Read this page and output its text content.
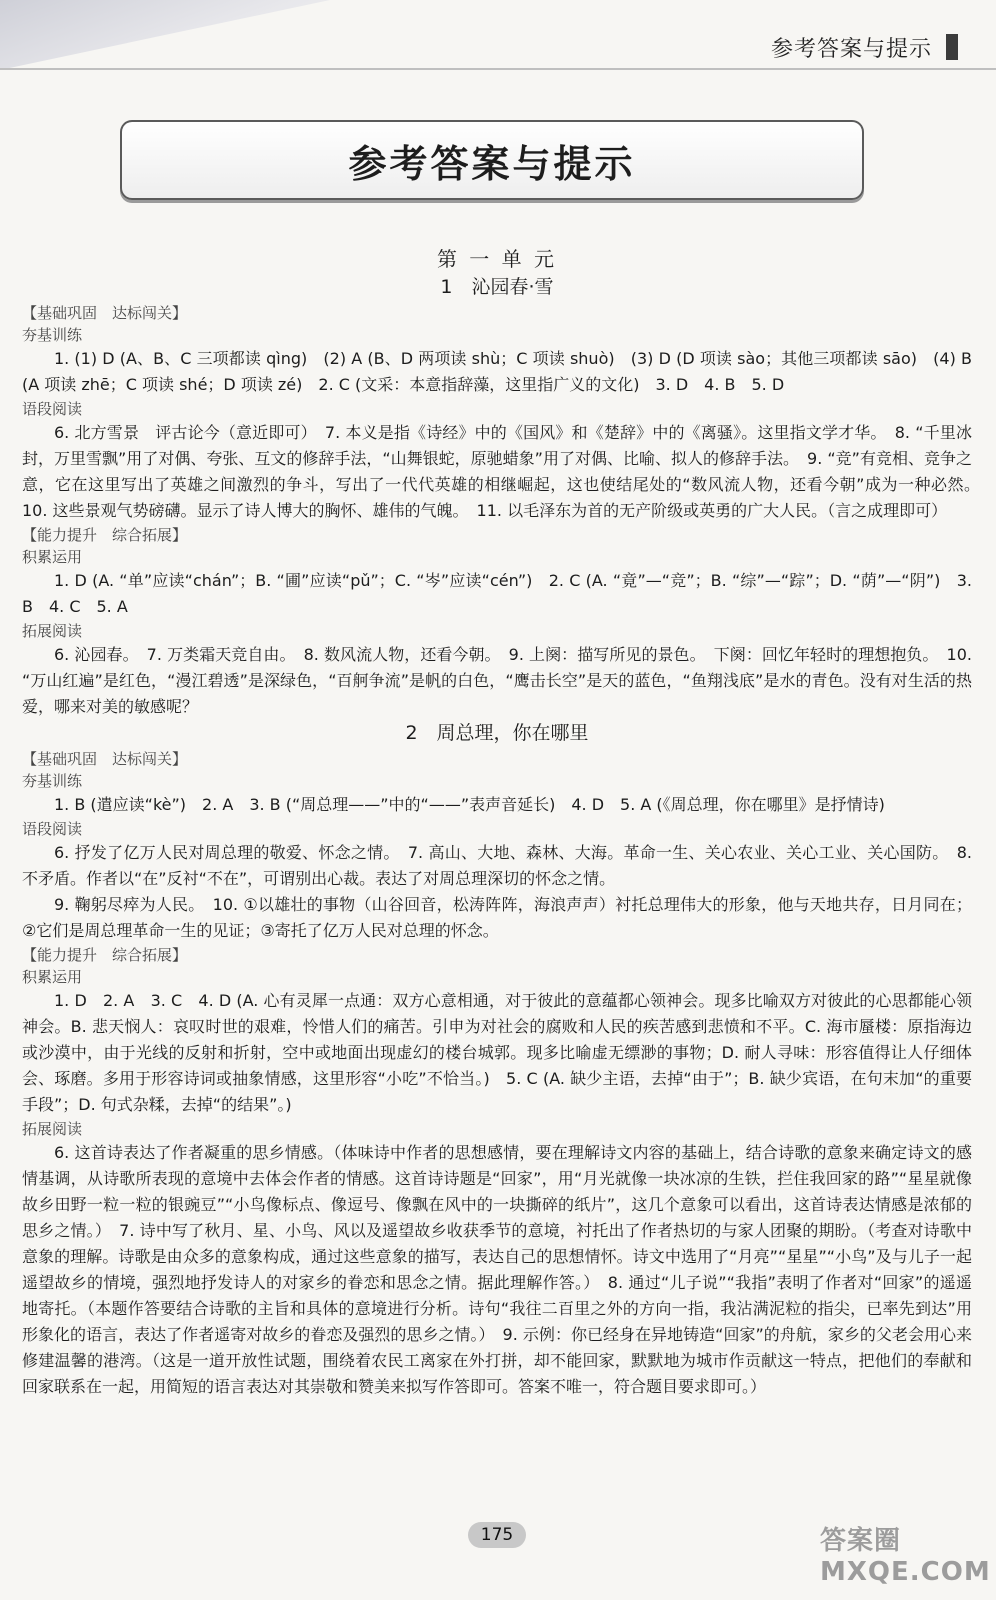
参考答案与提示
参考答案与提示
第 一 单 元
1　沁园春·雪
【基础巩固　达标闯关】
夯基训练
1. (1) D (A、B、C 三项都读 qìng)　(2) A (B、D 两项读 shù；C 项读 shuò)　(3) D (D 项读 sào；其他三项都读 sāo)　(4) B (A 项读 zhē；C 项读 shé；D 项读 zé)　2. C (文采：本意指辞藻，这里指广义的文化)　3. D　4. B　5. D
语段阅读
6. 北方雪景　评古论今（意近即可）　7. 本义是指《诗经》中的《国风》和《楚辞》中的《离骚》。这里指文学才华。　8. “千里冰封，万里雪飘”用了对偶、夸张、互文的修辞手法，“山舞银蛇，原驰蜡象”用了对偶、比喻、拟人的修辞手法。　9. “竞”有竞相、竞争之意，它在这里写出了英雄之间激烈的争斗，写出了一代代英雄的相继崛起，这也使结尾处的“数风流人物，还看今朝”成为一种必然。　10. 这些景观气势磅礴。显示了诗人博大的胸怀、雄伟的气魄。　11. 以毛泽东为首的无产阶级或英勇的广大人民。（言之成理即可）
【能力提升　综合拓展】
积累运用
1. D (A. “单”应读“chán”；B. “圃”应读“pǔ”；C. “岑”应读“cén”)　2. C (A. “竟”—“竞”；B. “综”—“踪”；D. “荫”—“阴”)　3. B　4. C　5. A
拓展阅读
6. 沁园春。　7. 万类霜天竞自由。　8. 数风流人物，还看今朝。　9. 上阕：描写所见的景色。　下阕：回忆年轻时的理想抱负。　10. “万山红遍”是红色，“漫江碧透”是深绿色，“百舸争流”是帆的白色，“鹰击长空”是天的蓝色，“鱼翔浅底”是水的青色。没有对生活的热爱，哪来对美的敏感呢？
2　周总理，你在哪里
【基础巩固　达标闯关】
夯基训练
1. B (遣应读“kè”)　2. A　3. B (“周总理——”中的“——”表声音延长)　4. D　5. A (《周总理，你在哪里》是抒情诗)
语段阅读
6. 抒发了亿万人民对周总理的敬爱、怀念之情。　7. 高山、大地、森林、大海。革命一生、关心农业、关心工业、关心国防。　8. 不矛盾。作者以“在”反衬“不在”，可谓别出心裁。表达了对周总理深切的怀念之情。
9. 鞠躬尽瘁为人民。　10. ①以雄壮的事物（山谷回音，松涛阵阵，海浪声声）衬托总理伟大的形象，他与天地共存，日月同在；②它们是周总理革命一生的见证；③寄托了亿万人民对总理的怀念。
【能力提升　综合拓展】
积累运用
1. D　2. A　3. C　4. D (A. 心有灵犀一点通：双方心意相通，对于彼此的意蕴都心领神会。现多比喻双方对彼此的心思都能心领神会。B. 悲天悯人：哀叹时世的艰难，怜惜人们的痛苦。引申为对社会的腐败和人民的疾苦感到悲愤和不平。C. 海市蜃楼：原指海边或沙漠中，由于光线的反射和折射，空中或地面出现虚幻的楼台城郭。现多比喻虚无缥渺的事物；D. 耐人寻味：形容值得让人仔细体会、琢磨。多用于形容诗词或抽象情感，这里形容“小吃”不恰当。)　5. C (A. 缺少主语，去掉“由于”；B. 缺少宾语，在句末加“的重要手段”；D. 句式杂糅，去掉“的结果”。)
拓展阅读
6. 这首诗表达了作者凝重的思乡情感。（体味诗中作者的思想感情，要在理解诗文内容的基础上，结合诗歌的意象来确定诗文的感情基调，从诗歌所表现的意境中去体会作者的情感。这首诗诗题是“回家”，用“月光就像一块冰凉的生铁，拦住我回家的路”“星星就像故乡田野一粒一粒的银豌豆”“小鸟像标点、像逗号、像飘在风中的一块撕碎的纸片”，这几个意象可以看出，这首诗表达情感是浓郁的思乡之情。）　7. 诗中写了秋月、星、小鸟、风以及遥望故乡收获季节的意境，衬托出了作者热切的与家人团聚的期盼。（考查对诗歌中意象的理解。诗歌是由众多的意象构成，通过这些意象的描写，表达自己的思想情怀。诗文中选用了“月亮”“星星”“小鸟”及与儿子一起遥望故乡的情境，强烈地抒发诗人的对家乡的眷恋和思念之情。据此理解作答。）　8. 通过“儿子说”“我指”表明了作者对“回家”的遥遥地寄托。（本题作答要结合诗歌的主旨和具体的意境进行分析。诗句“我往二百里之外的方向一指，我沾满泥粒的指尖，已率先到达”用形象化的语言，表达了作者遥寄对故乡的眷恋及强烈的思乡之情。）　9. 示例：你已经身在异地铸造“回家”的舟航，家乡的父老会用心来修建温馨的港湾。（这是一道开放性试题，围绕着农民工离家在外打拼，却不能回家，默默地为城市作贡献这一特点，把他们的奉献和回家联系在一起，用简短的语言表达对其崇敬和赞美来拟写作答即可。答案不唯一，符合题目要求即可。）
175	答案圈 MXQE.COM
